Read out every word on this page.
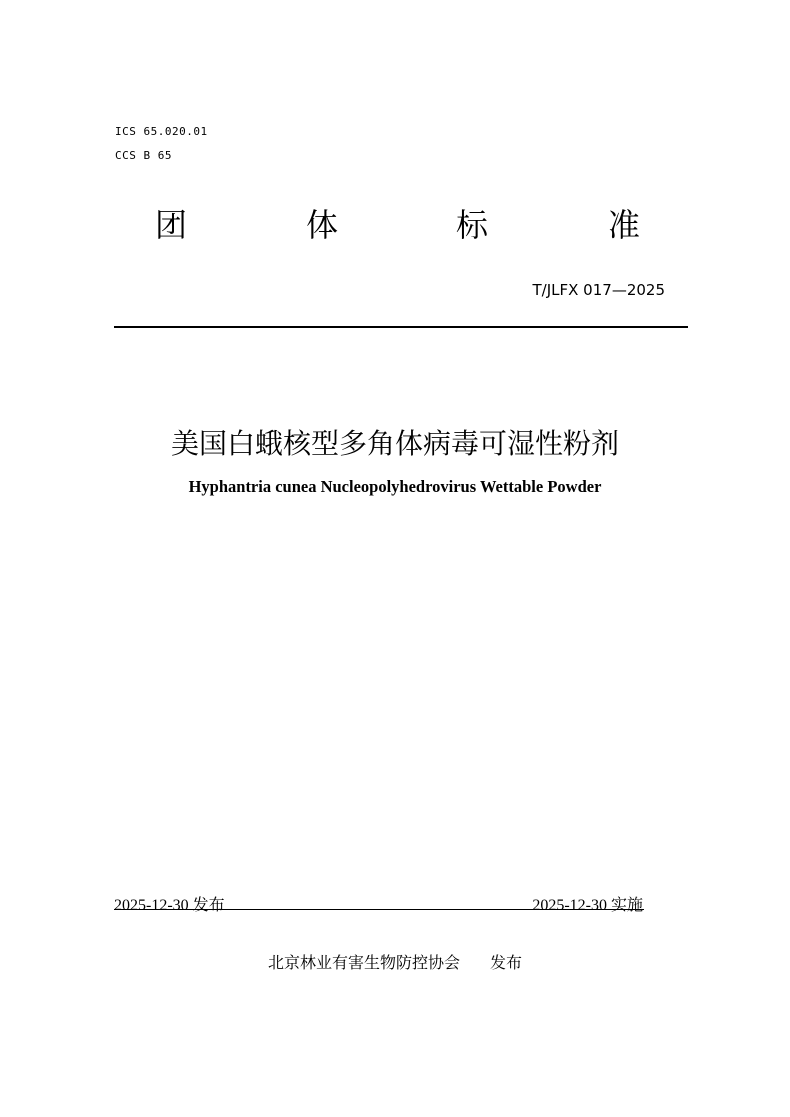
ICS 65.020.01
CCS B 65
团	体	标	准
T/JLFX 017—2025
美国白蛾核型多角体病毒可湿性粉剂
Hyphantria cunea Nucleopolyhedrovirus Wettable Powder
2025-12-30 发布	2025-12-30 实施
北京林业有害生物防控协会 发布
